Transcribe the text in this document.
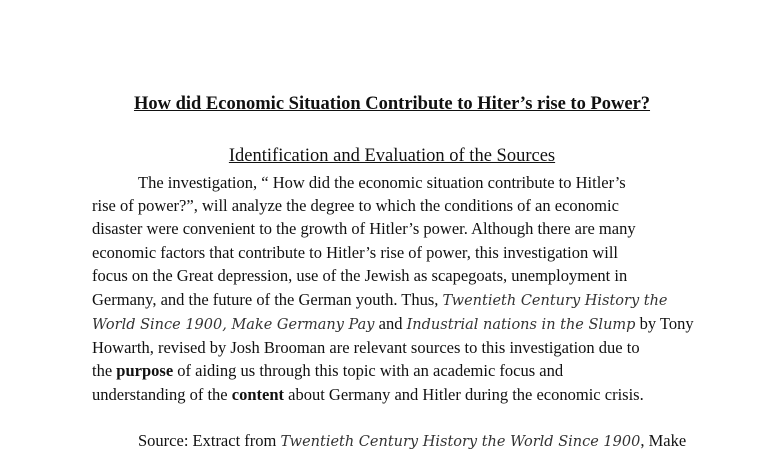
How did Economic Situation Contribute to Hiter’s rise to Power?
Identification and Evaluation of the Sources
The investigation, “ How did the economic situation contribute to Hitler’s
rise of power?”, will analyze the degree to which the conditions of an economic
disaster were convenient to the growth of Hitler’s power. Although there are many
economic factors that contribute to Hitler’s rise of power, this investigation will
focus on the Great depression, use of the Jewish as scapegoats, unemployment in
Germany, and the future of the German youth. Thus, Twentieth Century History the
World Since 1900, Make Germany Pay and Industrial nations in the Slump by Tony
Howarth, revised by Josh Brooman are relevant sources to this investigation due to
the purpose of aiding us through this topic with an academic focus and
understanding of the content about Germany and Hitler during the economic crisis.
Source: Extract from Twentieth Century History the World Since 1900, Make
